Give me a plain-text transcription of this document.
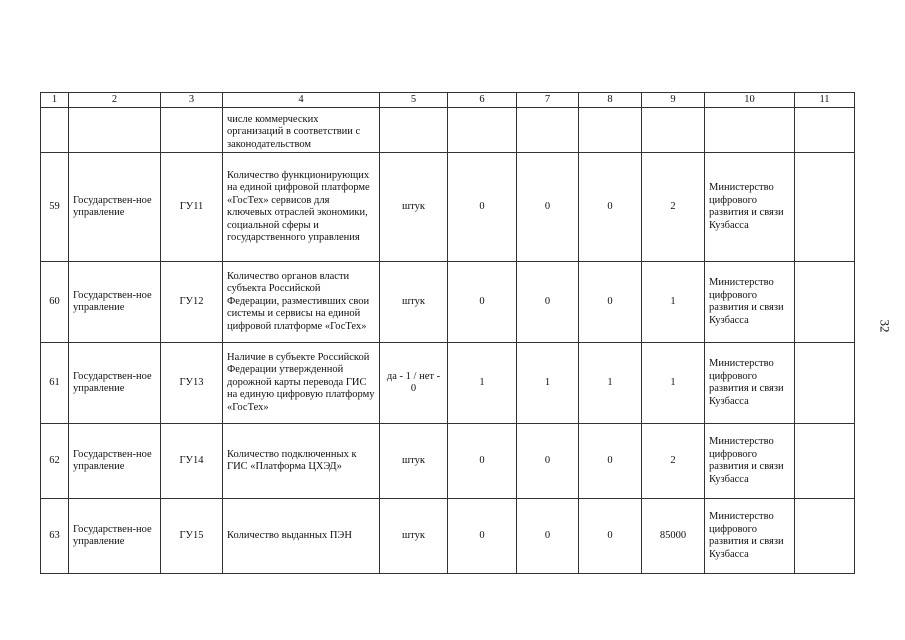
1	2	3	4	5	6	7	8	9	10	11

			числе коммерческих организаций в соответствии с законодательством							

59	Государствен-ное управление	ГУ11	Количество функционирующих на единой цифровой платформе «ГосТех» сервисов для ключевых отраслей экономики, социальной сферы и государственного управления	штук	0	0	0	2	Министерство цифрового развития и связи Кузбасса	
60	Государствен-ное управление	ГУ12	Количество органов власти субъекта Российской Федерации, разместивших свои системы и сервисы на единой цифровой платформе «ГосТех»	штук	0	0	0	1	Министерство цифрового развития и связи Кузбасса	
61	Государствен-ное управление	ГУ13	Наличие в субъекте Российской Федерации утвержденной дорожной карты перевода ГИС на единую цифровую платформу «ГосТех»	да - 1 / нет - 0	1	1	1	1	Министерство цифрового развития и связи Кузбасса	
62	Государствен-ное управление	ГУ14	Количество подключенных к ГИС «Платформа ЦХЭД»	штук	0	0	0	2	Министерство цифрового развития и связи Кузбасса	
63	Государствен-ное управление	ГУ15	Количество выданных ПЭН	штук	0	0	0	85000	Министерство цифрового развития и связи Кузбасса	
32
